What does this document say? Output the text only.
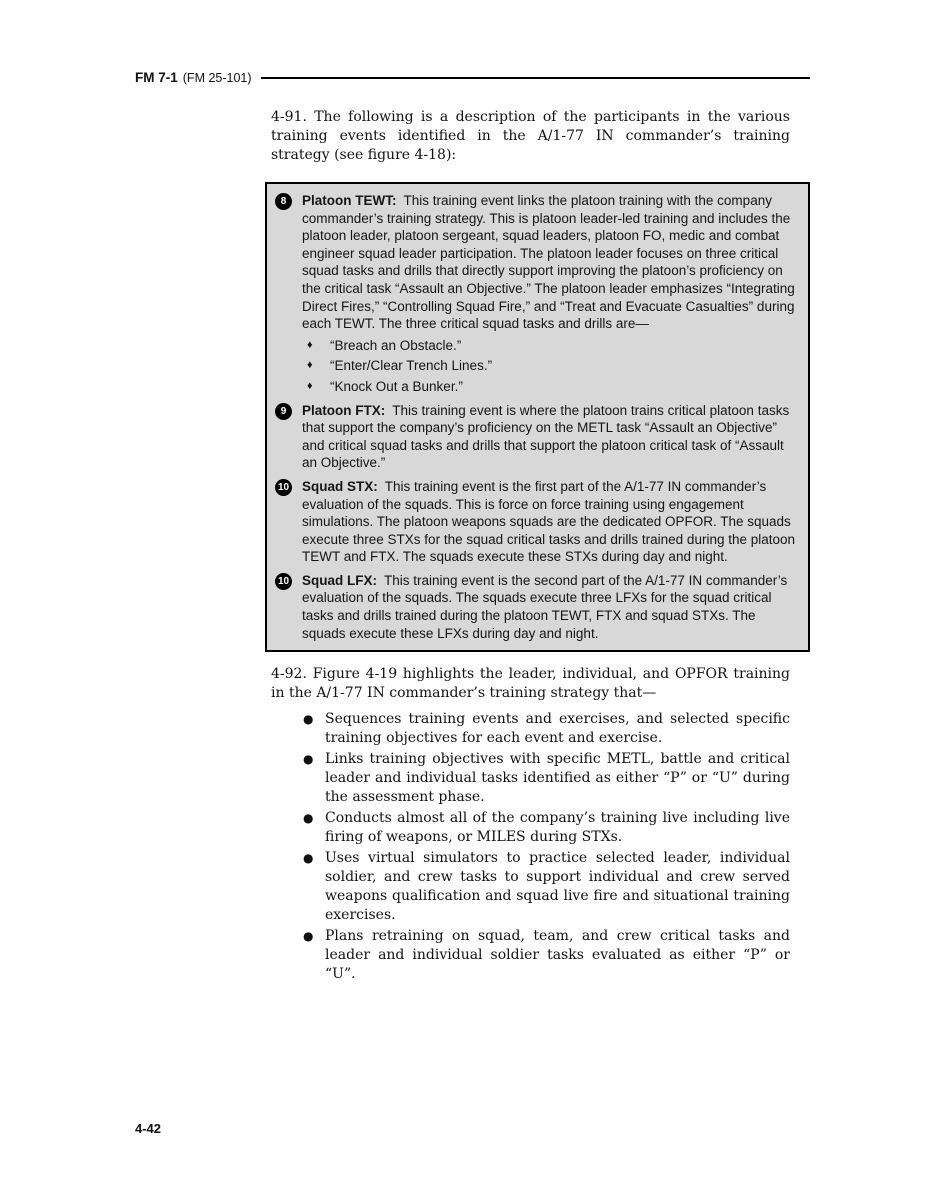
FM 7-1 (FM 25-101)

4-91. The following is a description of the participants in the various training events identified in the A/1-77 IN commander’s training strategy (see figure 4-18):

8	Platoon TEWT: This training event links the platoon training with the company commander’s training strategy. This is platoon leader-led training and includes the platoon leader, platoon sergeant, squad leaders, platoon FO, medic and combat engineer squad leader participation. The platoon leader focuses on three critical squad tasks and drills that directly support improving the platoon’s proficiency on the critical task “Assault an Objective.” The platoon leader emphasizes “Integrating Direct Fires,” “Controlling Squad Fire,” and “Treat and Evacuate Casualties” during each TEWT. The three critical squad tasks and drills are—
♦	“Breach an Obstacle.”
♦	“Enter/Clear Trench Lines.”
♦	“Knock Out a Bunker.”
9	Platoon FTX: This training event is where the platoon trains critical platoon tasks that support the company’s proficiency on the METL task “Assault an Objective” and critical squad tasks and drills that support the platoon critical task of “Assault an Objective.”
10 Squad STX: This training event is the first part of the A/1-77 IN commander’s evaluation of the squads. This is force on force training using engagement simulations. The platoon weapons squads are the dedicated OPFOR. The squads execute three STXs for the squad critical tasks and drills trained during the platoon TEWT and FTX. The squads execute these STXs during day and night.
10 Squad LFX: This training event is the second part of the A/1-77 IN commander’s evaluation of the squads. The squads execute three LFXs for the squad critical tasks and drills trained during the platoon TEWT, FTX and squad STXs. The squads execute these LFXs during day and night.

4-92. Figure 4-19 highlights the leader, individual, and OPFOR training in the A/1-77 IN commander’s training strategy that—

● Sequences training events and exercises, and selected specific training objectives for each event and exercise.
● Links training objectives with specific METL, battle and critical leader and individual tasks identified as either “P” or “U” during the assessment phase.
● Conducts almost all of the company’s training live including live firing of weapons, or MILES during STXs.
● Uses virtual simulators to practice selected leader, individual soldier, and crew tasks to support individual and crew served weapons qualification and squad live fire and situational training exercises.
● Plans retraining on squad, team, and crew critical tasks and leader and individual soldier tasks evaluated as either “P” or “U”.
4-42
